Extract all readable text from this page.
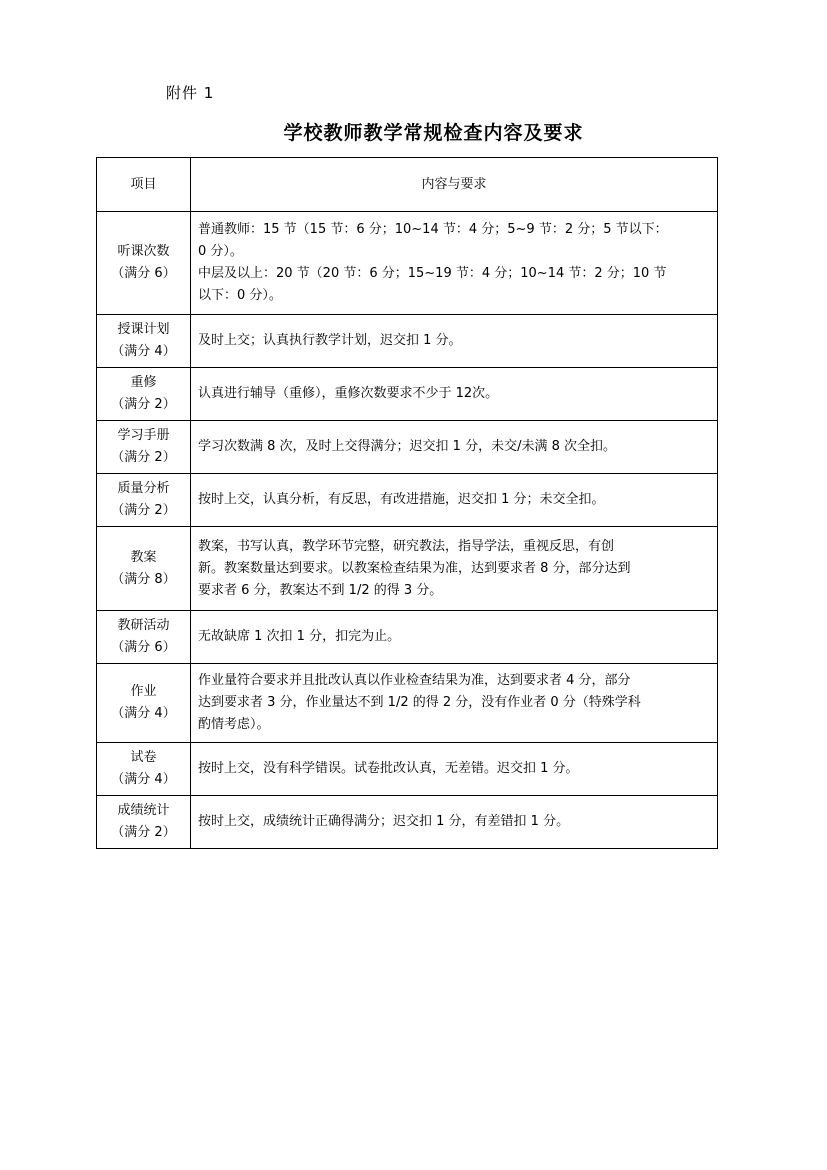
附件 1
学校教师教学常规检查内容及要求
项目	内容与要求

听课次数
（满分 6）	普通教师：15 节（15 节：6 分；10~14 节：4 分；5~9 节：2 分；5 节以下：
0 分）。
中层及以上：20 节（20 节：6 分；15~19 节：4 分；10~14 节：2 分；10 节
以下：0 分）。

授课计划
（满分 4）	及时上交；认真执行教学计划，迟交扣 1 分。

重修
（满分 2）	认真进行辅导（重修），重修次数要求不少于 12次。

学习手册
（满分 2）	学习次数满 8 次，及时上交得满分；迟交扣 1 分，未交/未满 8 次全扣。

质量分析
（满分 2）	按时上交，认真分析，有反思，有改进措施，迟交扣 1 分；未交全扣。

教案
（满分 8）	教案，书写认真，教学环节完整，研究教法，指导学法，重视反思，有创
新。教案数量达到要求。以教案检查结果为准，达到要求者 8 分，部分达到
要求者 6 分，教案达不到 1/2 的得 3 分。

教研活动
（满分 6）	无故缺席 1 次扣 1 分，扣完为止。

作业
（满分 4）	作业量符合要求并且批改认真以作业检查结果为准，达到要求者 4 分，部分
达到要求者 3 分，作业量达不到 1/2 的得 2 分，没有作业者 0 分（特殊学科
酌情考虑）。

试卷
（满分 4）	按时上交，没有科学错误。试卷批改认真，无差错。迟交扣 1 分。

成绩统计
（满分 2）	按时上交，成绩统计正确得满分；迟交扣 1 分，有差错扣 1 分。
